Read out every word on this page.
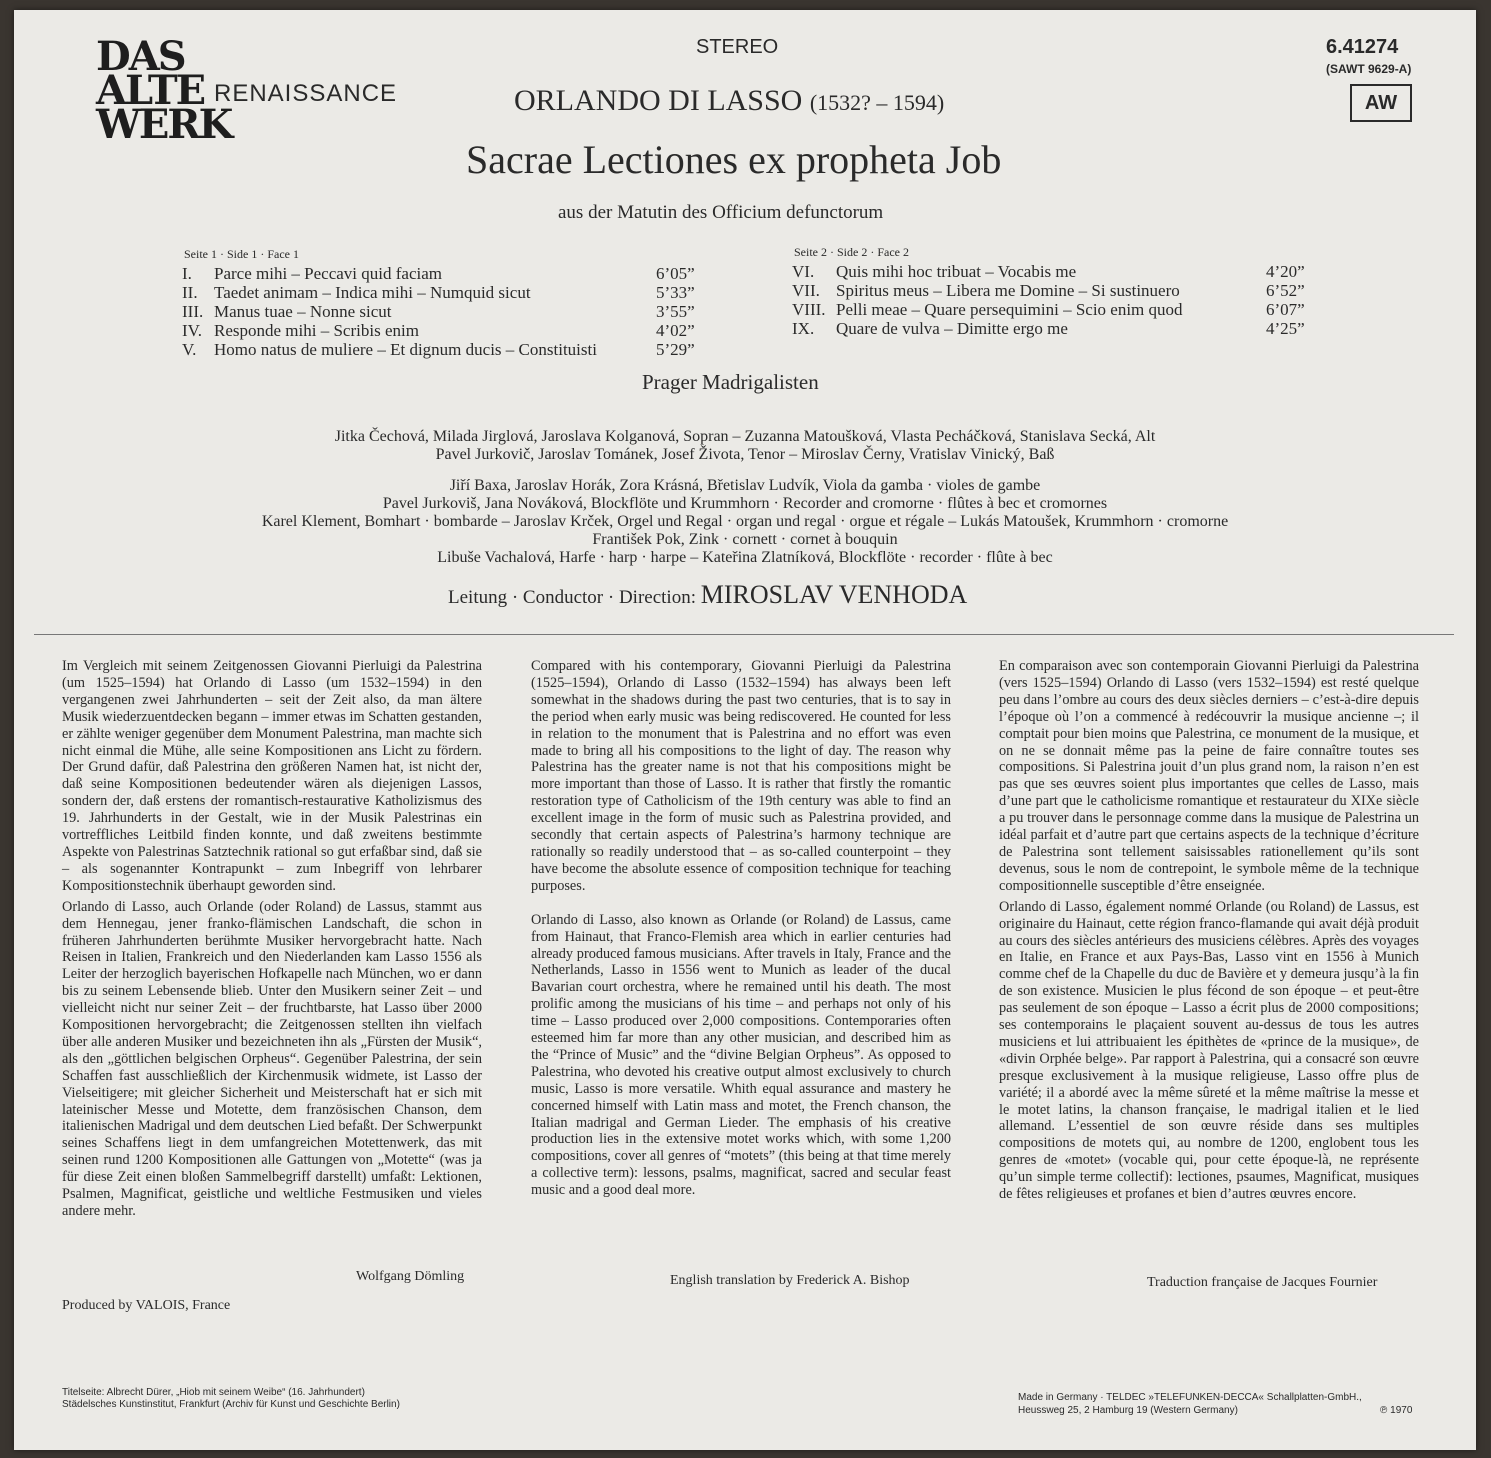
DAS
ALTE
WERK
RENAISSANCE
STEREO
ORLANDO DI LASSO (1532? – 1594)
Sacrae Lectiones ex propheta Job
aus der Matutin des Officium defunctorum
6.41274
(SAWT 9629-A)
AW
Seite 1 · Side 1 · Face 1
I. Parce mihi – Peccavi quid faciam	6’05”
II. Taedet animam – Indica mihi – Numquid sicut	5’33”
III. Manus tuae – Nonne sicut	3’55”
IV. Responde mihi – Scribis enim	4’02”
V. Homo natus de muliere – Et dignum ducis – Constituisti	5’29”
Seite 2 · Side 2 · Face 2
VI. Quis mihi hoc tribuat – Vocabis me	4’20”
VII. Spiritus meus – Libera me Domine – Si sustinuero	6’52”
VIII. Pelli meae – Quare persequimini – Scio enim quod	6’07”
IX. Quare de vulva – Dimitte ergo me	4’25”
Prager Madrigalisten
Jitka Čechová, Milada Jirglová, Jaroslava Kolganová, Sopran – Zuzanna Matoušková, Vlasta Pecháčková, Stanislava Secká, Alt
Pavel Jurkovič, Jaroslav Tománek, Josef Života, Tenor – Miroslav Černy, Vratislav Vinický, Baß
Jiří Baxa, Jaroslav Horák, Zora Krásná, Břetislav Ludvík, Viola da gamba · violes de gambe
Pavel Jurkoviš, Jana Nováková, Blockflöte und Krummhorn · Recorder and cromorne · flûtes à bec et cromornes
Karel Klement, Bomhart · bombarde – Jaroslav Krček, Orgel und Regal · organ und regal · orgue et régale – Lukás Matoušek, Krummhorn · cromorne
František Pok, Zink · cornett · cornet à bouquin
Libuše Vachalová, Harfe · harp · harpe – Kateřina Zlatníková, Blockflöte · recorder · flûte à bec
Leitung · Conductor · Direction: MIROSLAV VENHODA

Im Vergleich mit seinem Zeitgenossen Giovanni Pierluigi da Palestrina (um 1525–1594) hat Orlando di Lasso (um 1532–1594) in den vergangenen zwei Jahrhunderten – seit der Zeit also, da man ältere Musik wiederzuentdecken begann – immer etwas im Schatten gestanden, er zählte weniger gegenüber dem Monument Palestrina, man machte sich nicht einmal die Mühe, alle seine Kompositionen ans Licht zu fördern. Der Grund dafür, daß Palestrina den größeren Namen hat, ist nicht der, daß seine Kompositionen bedeutender wären als diejenigen Lassos, sondern der, daß erstens der romantisch-restaurative Katholizismus des 19. Jahrhunderts in der Gestalt, wie in der Musik Palestrinas ein vortreffliches Leitbild finden konnte, und daß zweitens bestimmte Aspekte von Palestrinas Satztechnik rational so gut erfaßbar sind, daß sie – als sogenannter Kontrapunkt – zum Inbegriff von lehrbarer Kompositionstechnik überhaupt geworden sind.

Orlando di Lasso, auch Orlande (oder Roland) de Lassus, stammt aus dem Hennegau, jener franko-flämischen Landschaft, die schon in früheren Jahrhunderten berühmte Musiker hervorgebracht hatte. Nach Reisen in Italien, Frankreich und den Niederlanden kam Lasso 1556 als Leiter der herzoglich bayerischen Hofkapelle nach München, wo er dann bis zu seinem Lebensende blieb. Unter den Musikern seiner Zeit – und vielleicht nicht nur seiner Zeit – der fruchtbarste, hat Lasso über 2000 Kompositionen hervorgebracht; die Zeitgenossen stellten ihn vielfach über alle anderen Musiker und bezeichneten ihn als „Fürsten der Musik“, als den „göttlichen belgischen Orpheus“. Gegenüber Palestrina, der sein Schaffen fast ausschließlich der Kirchenmusik widmete, ist Lasso der Vielseitigere; mit gleicher Sicherheit und Meisterschaft hat er sich mit lateinischer Messe und Motette, dem französischen Chanson, dem italienischen Madrigal und dem deutschen Lied befaßt. Der Schwerpunkt seines Schaffens liegt in dem umfangreichen Motettenwerk, das mit seinen rund 1200 Kompositionen alle Gattungen von „Motette“ (was ja für diese Zeit einen bloßen Sammelbegriff darstellt) umfaßt: Lektionen, Psalmen, Magnificat, geistliche und weltliche Festmusiken und vieles andere mehr.

Compared with his contemporary, Giovanni Pierluigi da Palestrina (1525–1594), Orlando di Lasso (1532–1594) has always been left somewhat in the shadows during the past two centuries, that is to say in the period when early music was being rediscovered. He counted for less in relation to the monument that is Palestrina and no effort was even made to bring all his compositions to the light of day. The reason why Palestrina has the greater name is not that his compositions might be more important than those of Lasso. It is rather that firstly the romantic restoration type of Catholicism of the 19th century was able to find an excellent image in the form of music such as Palestrina provided, and secondly that certain aspects of Palestrina’s harmony technique are rationally so readily understood that – as so-called counterpoint – they have become the absolute essence of composition technique for teaching purposes.

Orlando di Lasso, also known as Orlande (or Roland) de Lassus, came from Hainaut, that Franco-Flemish area which in earlier centuries had already produced famous musicians. After travels in Italy, France and the Netherlands, Lasso in 1556 went to Munich as leader of the ducal Bavarian court orchestra, where he remained until his death. The most prolific among the musicians of his time – and perhaps not only of his time – Lasso produced over 2,000 compositions. Contemporaries often esteemed him far more than any other musician, and described him as the “Prince of Music” and the “divine Belgian Orpheus”. As opposed to Palestrina, who devoted his creative output almost exclusively to church music, Lasso is more versatile. Whith equal assurance and mastery he concerned himself with Latin mass and motet, the French chanson, the Italian madrigal and German Lieder. The emphasis of his creative production lies in the extensive motet works which, with some 1,200 compositions, cover all genres of “motets” (this being at that time merely a collective term): lessons, psalms, magnificat, sacred and secular feast music and a good deal more.

En comparaison avec son contemporain Giovanni Pierluigi da Palestrina (vers 1525–1594) Orlando di Lasso (vers 1532–1594) est resté quelque peu dans l’ombre au cours des deux siècles derniers – c’est-à-dire depuis l’époque où l’on a commencé à redécouvrir la musique ancienne –; il comptait pour bien moins que Palestrina, ce monument de la musique, et on ne se donnait même pas la peine de faire connaître toutes ses compositions. Si Palestrina jouit d’un plus grand nom, la raison n’en est pas que ses œuvres soient plus importantes que celles de Lasso, mais d’une part que le catholicisme romantique et restaurateur du XIXe siècle a pu trouver dans le personnage comme dans la musique de Palestrina un idéal parfait et d’autre part que certains aspects de la technique d’écriture de Palestrina sont tellement saisissables rationellement qu’ils sont devenus, sous le nom de contrepoint, le symbole même de la technique compositionnelle susceptible d’être enseignée.

Orlando di Lasso, également nommé Orlande (ou Roland) de Lassus, est originaire du Hainaut, cette région franco-flamande qui avait déjà produit au cours des siècles antérieurs des musiciens célèbres. Après des voyages en Italie, en France et aux Pays-Bas, Lasso vint en 1556 à Munich comme chef de la Chapelle du duc de Bavière et y demeura jusqu’à la fin de son existence. Musicien le plus fécond de son époque – et peut-être pas seulement de son époque – Lasso a écrit plus de 2000 compositions; ses contemporains le plaçaient souvent au-dessus de tous les autres musiciens et lui attribuaient les épithètes de «prince de la musique», de «divin Orphée belge». Par rapport à Palestrina, qui a consacré son œuvre presque exclusivement à la musique religieuse, Lasso offre plus de variété; il a abordé avec la même sûreté et la même maîtrise la messe et le motet latins, la chanson française, le madrigal italien et le lied allemand. L’essentiel de son œuvre réside dans ses multiples compositions de motets qui, au nombre de 1200, englobent tous les genres de «motet» (vocable qui, pour cette époque-là, ne représente qu’un simple terme collectif): lectiones, psaumes, Magnificat, musiques de fêtes religieuses et profanes et bien d’autres œuvres encore.

Wolfgang Dömling	English translation by Frederick A. Bishop	Traduction française de Jacques Fournier
Produced by VALOIS, France
Titelseite: Albrecht Dürer, „Hiob mit seinem Weibe“ (16. Jahrhundert)
Städelsches Kunstinstitut, Frankfurt (Archiv für Kunst und Geschichte Berlin)
Made in Germany · TELDEC »TELEFUNKEN-DECCA« Schallplatten-GmbH.,
Heussweg 25, 2 Hamburg 19 (Western Germany)	℗ 1970
